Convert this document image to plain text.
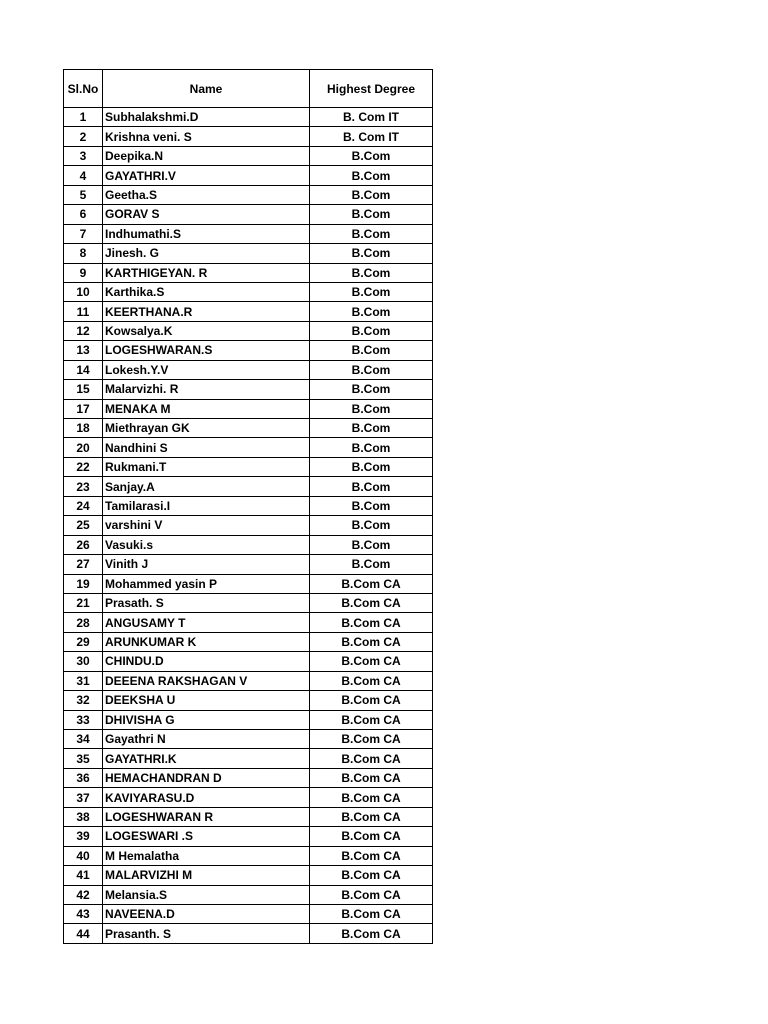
Sl.No	Name	Highest Degree
1	Subhalakshmi.D	B. Com IT
2	Krishna veni. S	B. Com IT
3	Deepika.N	B.Com
4	GAYATHRI.V	B.Com
5	Geetha.S	B.Com
6	GORAV S	B.Com
7	Indhumathi.S	B.Com
8	Jinesh. G	B.Com
9	KARTHIGEYAN. R	B.Com
10	Karthika.S	B.Com
11	KEERTHANA.R	B.Com
12	Kowsalya.K	B.Com
13	LOGESHWARAN.S	B.Com
14	Lokesh.Y.V	B.Com
15	Malarvizhi. R	B.Com
17	MENAKA M	B.Com
18	Miethrayan GK	B.Com
20	Nandhini S	B.Com
22	Rukmani.T	B.Com
23	Sanjay.A	B.Com
24	Tamilarasi.I	B.Com
25	varshini V	B.Com
26	Vasuki.s	B.Com
27	Vinith J	B.Com
19	Mohammed yasin P	B.Com CA
21	Prasath. S	B.Com CA
28	ANGUSAMY T	B.Com CA
29	ARUNKUMAR K	B.Com CA
30	CHINDU.D	B.Com CA
31	DEEENA RAKSHAGAN V	B.Com CA
32	DEEKSHA U	B.Com CA
33	DHIVISHA G	B.Com CA
34	Gayathri N	B.Com CA
35	GAYATHRI.K	B.Com CA
36	HEMACHANDRAN D	B.Com CA
37	KAVIYARASU.D	B.Com CA
38	LOGESHWARAN R	B.Com CA
39	LOGESWARI .S	B.Com CA
40	M Hemalatha	B.Com CA
41	MALARVIZHI M	B.Com CA
42	Melansia.S	B.Com CA
43	NAVEENA.D	B.Com CA
44	Prasanth. S	B.Com CA
